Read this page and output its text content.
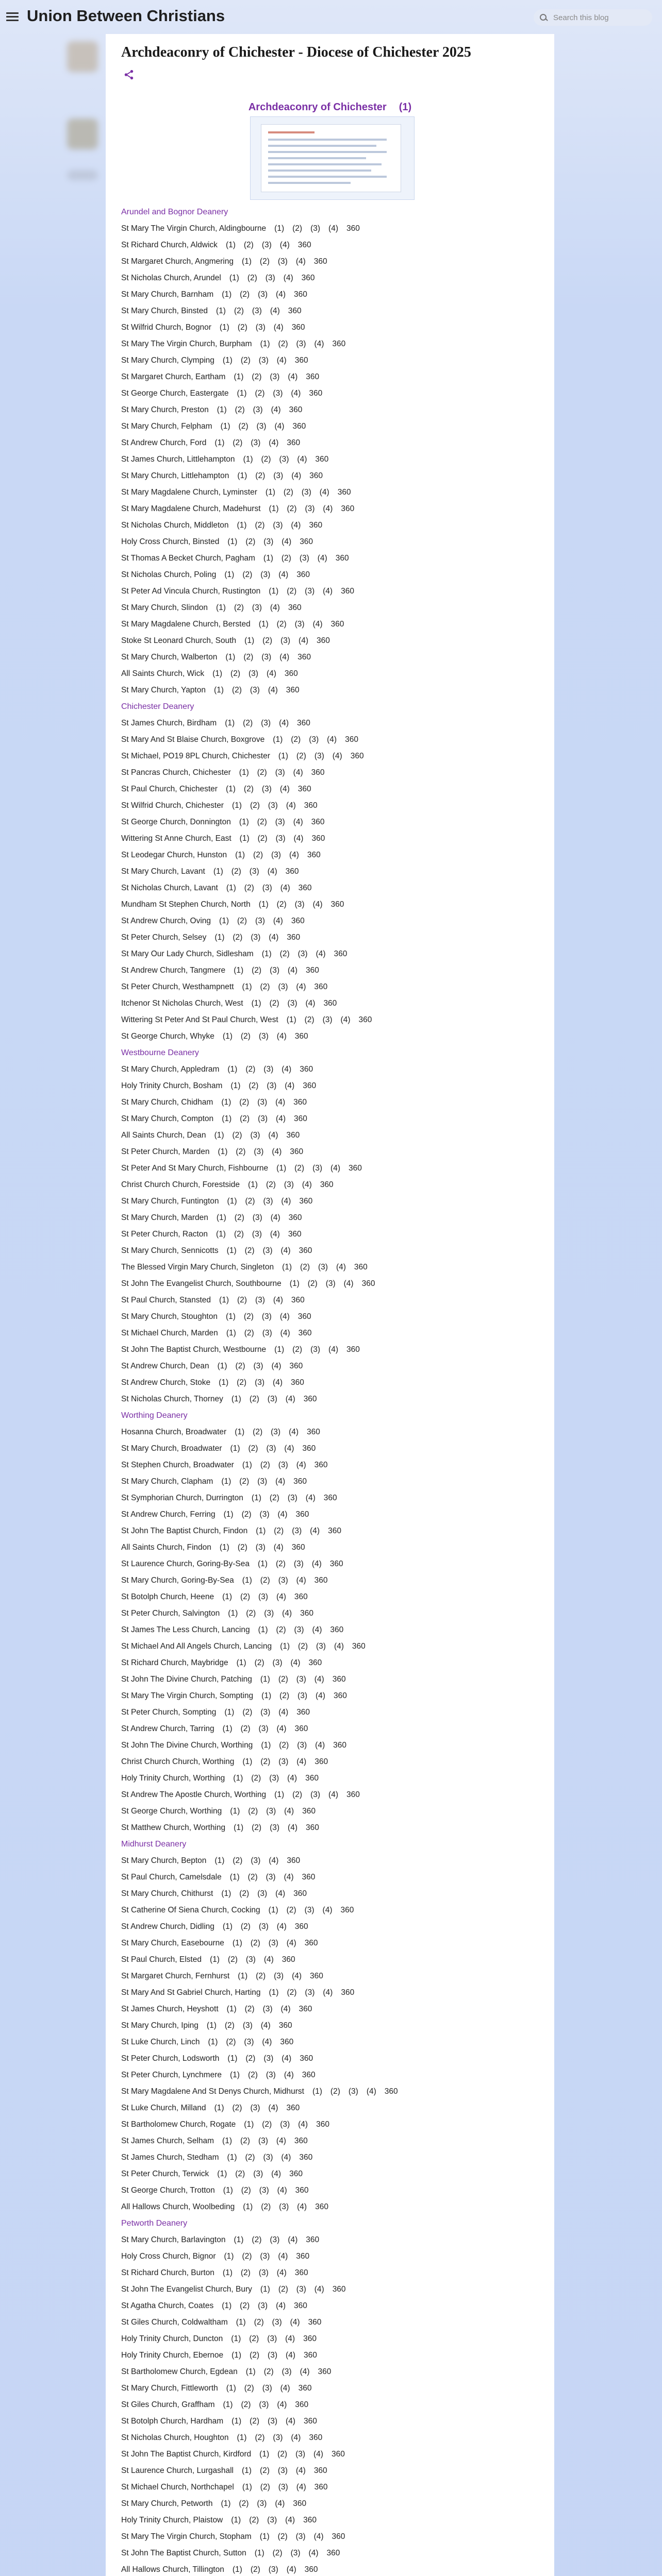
Union Between Christians
Search this blog
Archdeaconry of Chichester - Diocese of Chichester 2025
Archdeaconry of Chichester (1)
Arundel and Bognor Deanery
St Mary The Virgin Church, Aldingbourne (1) (2) (3) (4) 360
St Richard Church, Aldwick (1) (2) (3) (4) 360
St Margaret Church, Angmering (1) (2) (3) (4) 360
St Nicholas Church, Arundel (1) (2) (3) (4) 360
St Mary Church, Barnham (1) (2) (3) (4) 360
St Mary Church, Binsted (1) (2) (3) (4) 360
St Wilfrid Church, Bognor (1) (2) (3) (4) 360
St Mary The Virgin Church, Burpham (1) (2) (3) (4) 360
St Mary Church, Clymping (1) (2) (3) (4) 360
St Margaret Church, Eartham (1) (2) (3) (4) 360
St George Church, Eastergate (1) (2) (3) (4) 360
St Mary Church, Preston (1) (2) (3) (4) 360
St Mary Church, Felpham (1) (2) (3) (4) 360
St Andrew Church, Ford (1) (2) (3) (4) 360
St James Church, Littlehampton (1) (2) (3) (4) 360
St Mary Church, Littlehampton (1) (2) (3) (4) 360
St Mary Magdalene Church, Lyminster (1) (2) (3) (4) 360
St Mary Magdalene Church, Madehurst (1) (2) (3) (4) 360
St Nicholas Church, Middleton (1) (2) (3) (4) 360
Holy Cross Church, Binsted (1) (2) (3) (4) 360
St Thomas A Becket Church, Pagham (1) (2) (3) (4) 360
St Nicholas Church, Poling (1) (2) (3) (4) 360
St Peter Ad Vincula Church, Rustington (1) (2) (3) (4) 360
St Mary Church, Slindon (1) (2) (3) (4) 360
St Mary Magdalene Church, Bersted (1) (2) (3) (4) 360
Stoke St Leonard Church, South (1) (2) (3) (4) 360
St Mary Church, Walberton (1) (2) (3) (4) 360
All Saints Church, Wick (1) (2) (3) (4) 360
St Mary Church, Yapton (1) (2) (3) (4) 360
Chichester Deanery
St James Church, Birdham (1) (2) (3) (4) 360
St Mary And St Blaise Church, Boxgrove (1) (2) (3) (4) 360
St Michael, PO19 8PL Church, Chichester (1) (2) (3) (4) 360
St Pancras Church, Chichester (1) (2) (3) (4) 360
St Paul Church, Chichester (1) (2) (3) (4) 360
St Wilfrid Church, Chichester (1) (2) (3) (4) 360
St George Church, Donnington (1) (2) (3) (4) 360
Wittering St Anne Church, East (1) (2) (3) (4) 360
St Leodegar Church, Hunston (1) (2) (3) (4) 360
St Mary Church, Lavant (1) (2) (3) (4) 360
St Nicholas Church, Lavant (1) (2) (3) (4) 360
Mundham St Stephen Church, North (1) (2) (3) (4) 360
St Andrew Church, Oving (1) (2) (3) (4) 360
St Peter Church, Selsey (1) (2) (3) (4) 360
St Mary Our Lady Church, Sidlesham (1) (2) (3) (4) 360
St Andrew Church, Tangmere (1) (2) (3) (4) 360
St Peter Church, Westhampnett (1) (2) (3) (4) 360
Itchenor St Nicholas Church, West (1) (2) (3) (4) 360
Wittering St Peter And St Paul Church, West (1) (2) (3) (4) 360
St George Church, Whyke (1) (2) (3) (4) 360
Westbourne Deanery
St Mary Church, Appledram (1) (2) (3) (4) 360
Holy Trinity Church, Bosham (1) (2) (3) (4) 360
St Mary Church, Chidham (1) (2) (3) (4) 360
St Mary Church, Compton (1) (2) (3) (4) 360
All Saints Church, Dean (1) (2) (3) (4) 360
St Peter Church, Marden (1) (2) (3) (4) 360
St Peter And St Mary Church, Fishbourne (1) (2) (3) (4) 360
Christ Church Church, Forestside (1) (2) (3) (4) 360
St Mary Church, Funtington (1) (2) (3) (4) 360
St Mary Church, Marden (1) (2) (3) (4) 360
St Peter Church, Racton (1) (2) (3) (4) 360
St Mary Church, Sennicotts (1) (2) (3) (4) 360
The Blessed Virgin Mary Church, Singleton (1) (2) (3) (4) 360
St John The Evangelist Church, Southbourne (1) (2) (3) (4) 360
St Paul Church, Stansted (1) (2) (3) (4) 360
St Mary Church, Stoughton (1) (2) (3) (4) 360
St Michael Church, Marden (1) (2) (3) (4) 360
St John The Baptist Church, Westbourne (1) (2) (3) (4) 360
St Andrew Church, Dean (1) (2) (3) (4) 360
St Andrew Church, Stoke (1) (2) (3) (4) 360
St Nicholas Church, Thorney (1) (2) (3) (4) 360
Worthing Deanery
Hosanna Church, Broadwater (1) (2) (3) (4) 360
St Mary Church, Broadwater (1) (2) (3) (4) 360
St Stephen Church, Broadwater (1) (2) (3) (4) 360
St Mary Church, Clapham (1) (2) (3) (4) 360
St Symphorian Church, Durrington (1) (2) (3) (4) 360
St Andrew Church, Ferring (1) (2) (3) (4) 360
St John The Baptist Church, Findon (1) (2) (3) (4) 360
All Saints Church, Findon (1) (2) (3) (4) 360
St Laurence Church, Goring-By-Sea (1) (2) (3) (4) 360
St Mary Church, Goring-By-Sea (1) (2) (3) (4) 360
St Botolph Church, Heene (1) (2) (3) (4) 360
St Peter Church, Salvington (1) (2) (3) (4) 360
St James The Less Church, Lancing (1) (2) (3) (4) 360
St Michael And All Angels Church, Lancing (1) (2) (3) (4) 360
St Richard Church, Maybridge (1) (2) (3) (4) 360
St John The Divine Church, Patching (1) (2) (3) (4) 360
St Mary The Virgin Church, Sompting (1) (2) (3) (4) 360
St Peter Church, Sompting (1) (2) (3) (4) 360
St Andrew Church, Tarring (1) (2) (3) (4) 360
St John The Divine Church, Worthing (1) (2) (3) (4) 360
Christ Church Church, Worthing (1) (2) (3) (4) 360
Holy Trinity Church, Worthing (1) (2) (3) (4) 360
St Andrew The Apostle Church, Worthing (1) (2) (3) (4) 360
St George Church, Worthing (1) (2) (3) (4) 360
St Matthew Church, Worthing (1) (2) (3) (4) 360
Midhurst Deanery
St Mary Church, Bepton (1) (2) (3) (4) 360
St Paul Church, Camelsdale (1) (2) (3) (4) 360
St Mary Church, Chithurst (1) (2) (3) (4) 360
St Catherine Of Siena Church, Cocking (1) (2) (3) (4) 360
St Andrew Church, Didling (1) (2) (3) (4) 360
St Mary Church, Easebourne (1) (2) (3) (4) 360
St Paul Church, Elsted (1) (2) (3) (4) 360
St Margaret Church, Fernhurst (1) (2) (3) (4) 360
St Mary And St Gabriel Church, Harting (1) (2) (3) (4) 360
St James Church, Heyshott (1) (2) (3) (4) 360
St Mary Church, Iping (1) (2) (3) (4) 360
St Luke Church, Linch (1) (2) (3) (4) 360
St Peter Church, Lodsworth (1) (2) (3) (4) 360
St Peter Church, Lynchmere (1) (2) (3) (4) 360
St Mary Magdalene And St Denys Church, Midhurst (1) (2) (3) (4) 360
St Luke Church, Milland (1) (2) (3) (4) 360
St Bartholomew Church, Rogate (1) (2) (3) (4) 360
St James Church, Selham (1) (2) (3) (4) 360
St James Church, Stedham (1) (2) (3) (4) 360
St Peter Church, Terwick (1) (2) (3) (4) 360
St George Church, Trotton (1) (2) (3) (4) 360
All Hallows Church, Woolbeding (1) (2) (3) (4) 360
Petworth Deanery
St Mary Church, Barlavington (1) (2) (3) (4) 360
Holy Cross Church, Bignor (1) (2) (3) (4) 360
St Richard Church, Burton (1) (2) (3) (4) 360
St John The Evangelist Church, Bury (1) (2) (3) (4) 360
St Agatha Church, Coates (1) (2) (3) (4) 360
St Giles Church, Coldwaltham (1) (2) (3) (4) 360
Holy Trinity Church, Duncton (1) (2) (3) (4) 360
Holy Trinity Church, Ebernoe (1) (2) (3) (4) 360
St Bartholomew Church, Egdean (1) (2) (3) (4) 360
St Mary Church, Fittleworth (1) (2) (3) (4) 360
St Giles Church, Graffham (1) (2) (3) (4) 360
St Botolph Church, Hardham (1) (2) (3) (4) 360
St Nicholas Church, Houghton (1) (2) (3) (4) 360
St John The Baptist Church, Kirdford (1) (2) (3) (4) 360
St Laurence Church, Lurgashall (1) (2) (3) (4) 360
St Michael Church, Northchapel (1) (2) (3) (4) 360
St Mary Church, Petworth (1) (2) (3) (4) 360
Holy Trinity Church, Plaistow (1) (2) (3) (4) 360
St Mary The Virgin Church, Stopham (1) (2) (3) (4) 360
St John The Baptist Church, Sutton (1) (2) (3) (4) 360
All Hallows Church, Tillington (1) (2) (3) (4) 360
